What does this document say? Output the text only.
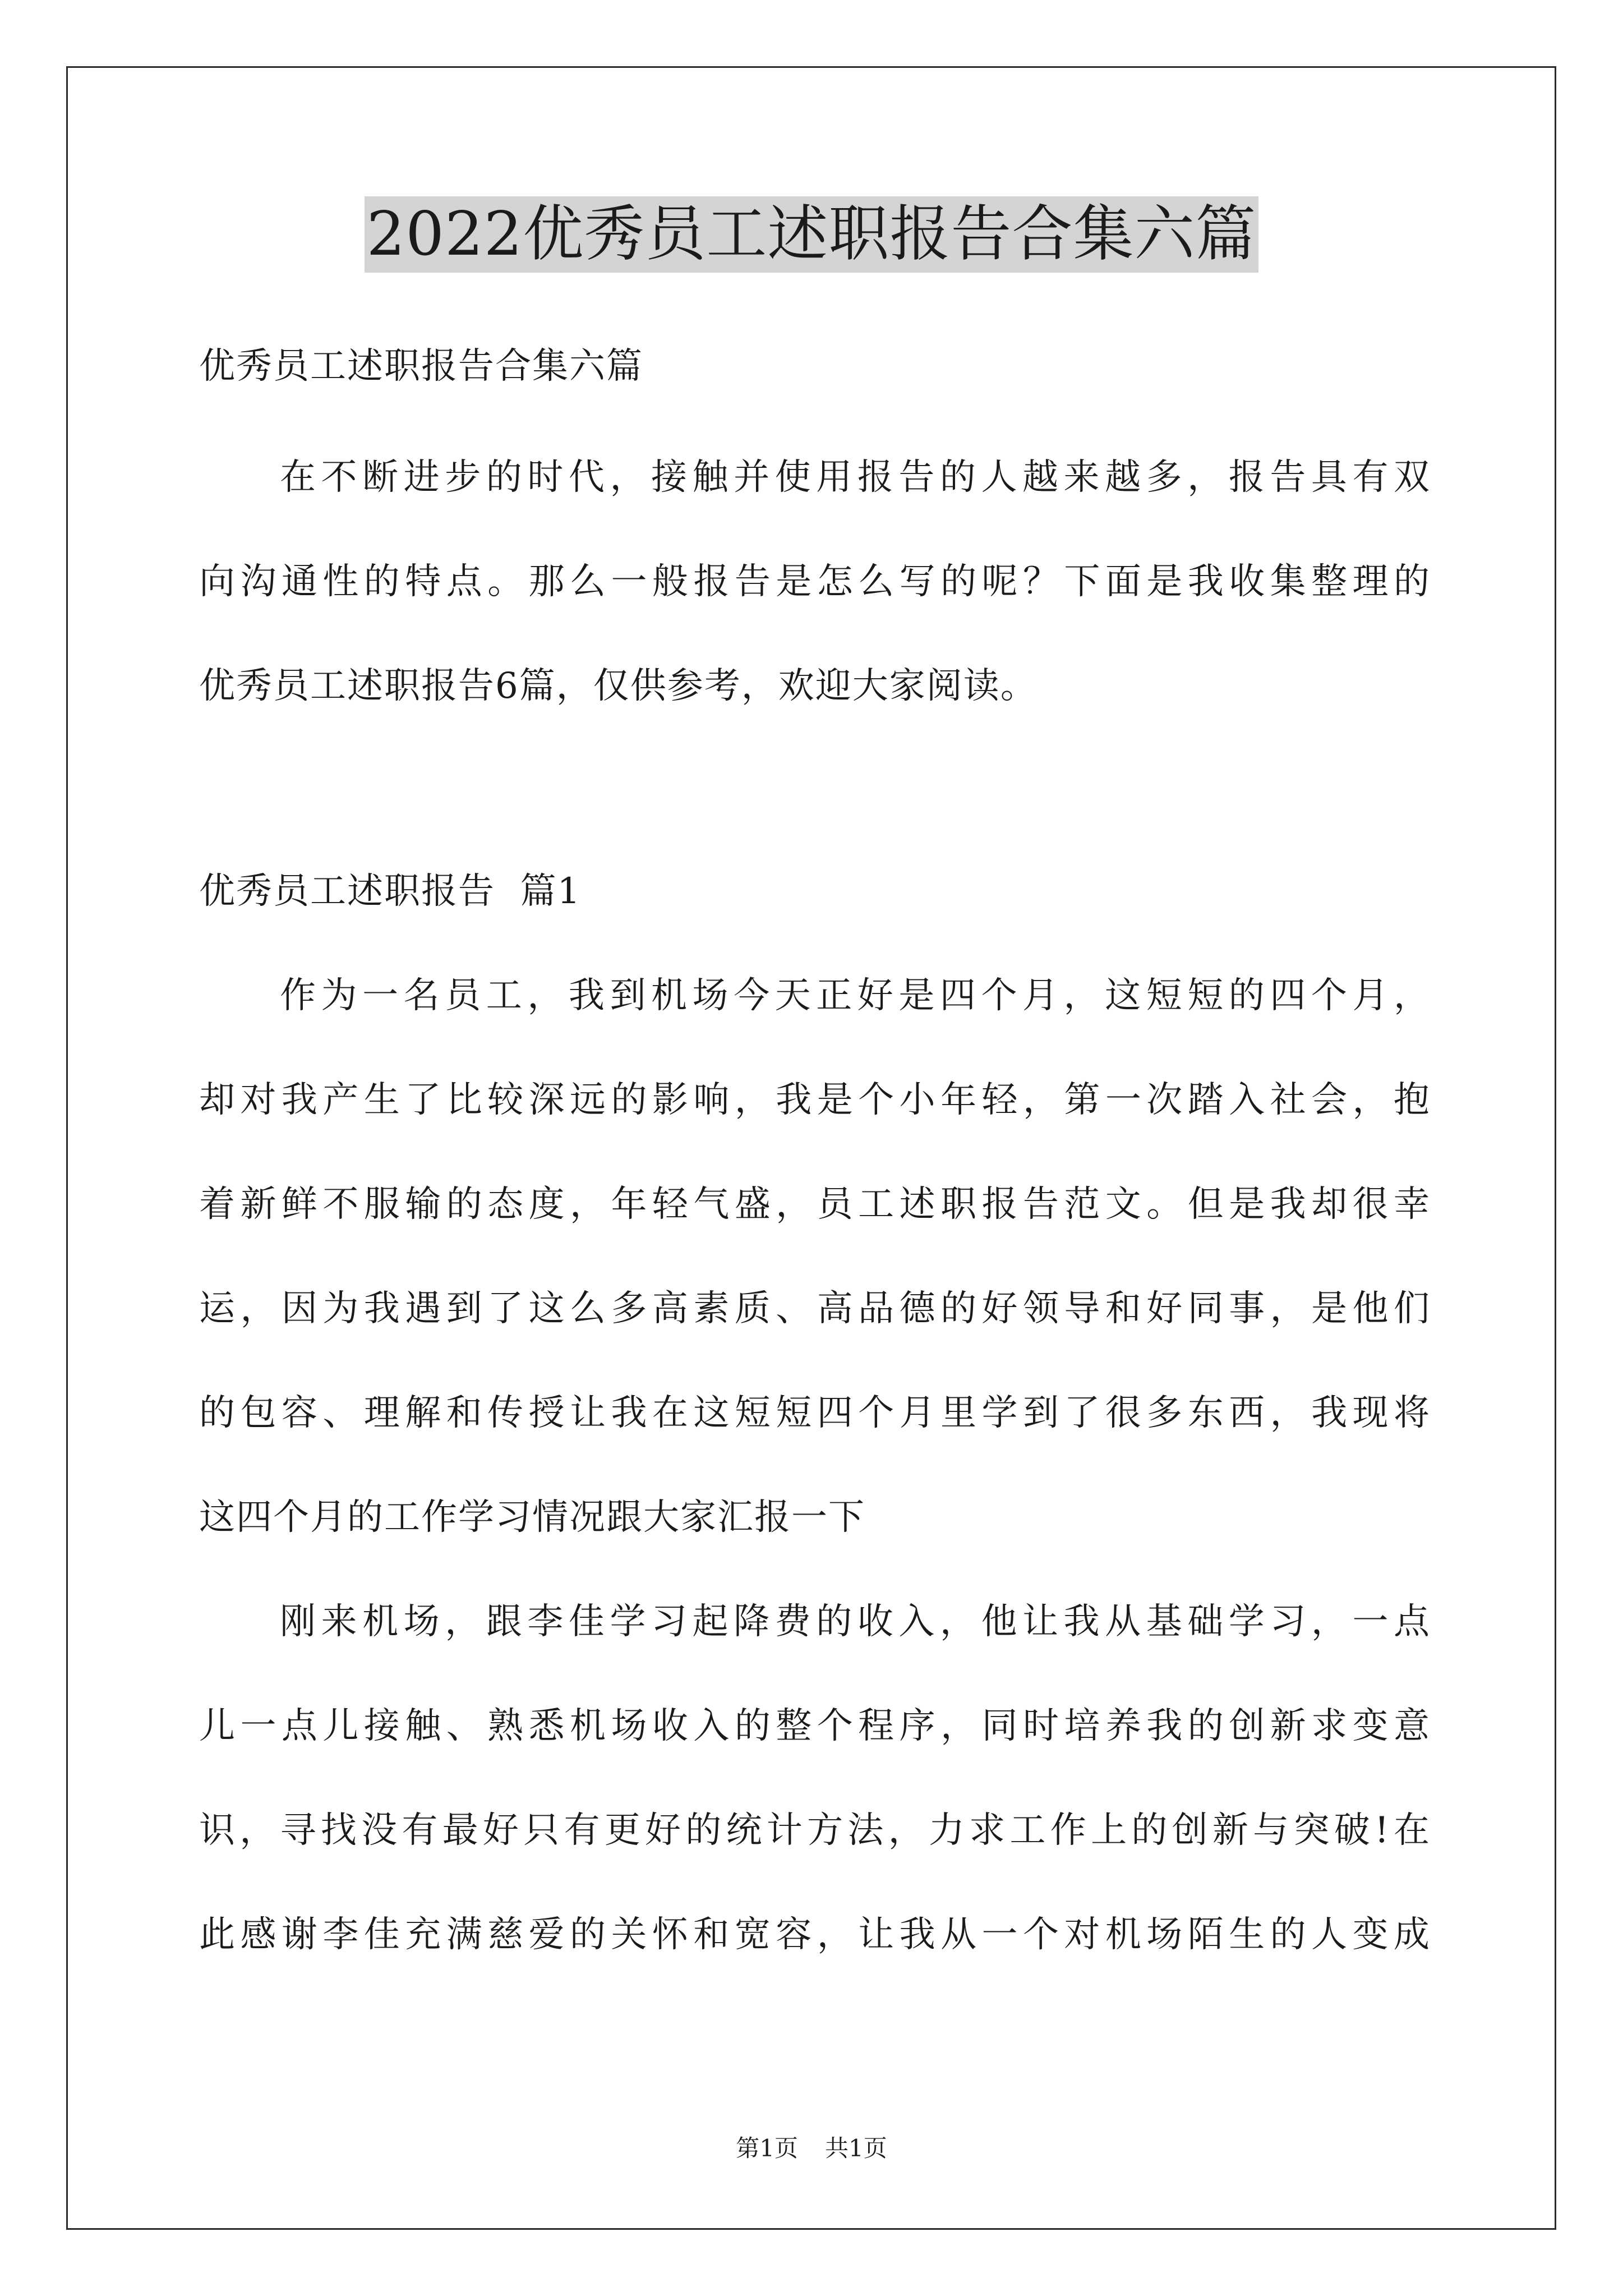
2022优秀员工述职报告合集六篇
优秀员工述职报告合集六篇
在不断进步的时代，接触并使用报告的人越来越多，报告具有双
向沟通性的特点。那么一般报告是怎么写的呢？下面是我收集整理的
优秀员工述职报告6篇，仅供参考，欢迎大家阅读。
优秀员工述职报告  篇1
作为一名员工，我到机场今天正好是四个月，这短短的四个月，
却对我产生了比较深远的影响，我是个小年轻，第一次踏入社会，抱
着新鲜不服输的态度，年轻气盛，员工述职报告范文。但是我却很幸
运，因为我遇到了这么多高素质、高品德的好领导和好同事，是他们
的包容、理解和传授让我在这短短四个月里学到了很多东西，我现将
这四个月的工作学习情况跟大家汇报一下
刚来机场，跟李佳学习起降费的收入，他让我从基础学习，一点
儿一点儿接触、熟悉机场收入的整个程序，同时培养我的创新求变意
识，寻找没有最好只有更好的统计方法，力求工作上的创新与突破!在
此感谢李佳充满慈爱的关怀和宽容，让我从一个对机场陌生的人变成
第1页 共1页
